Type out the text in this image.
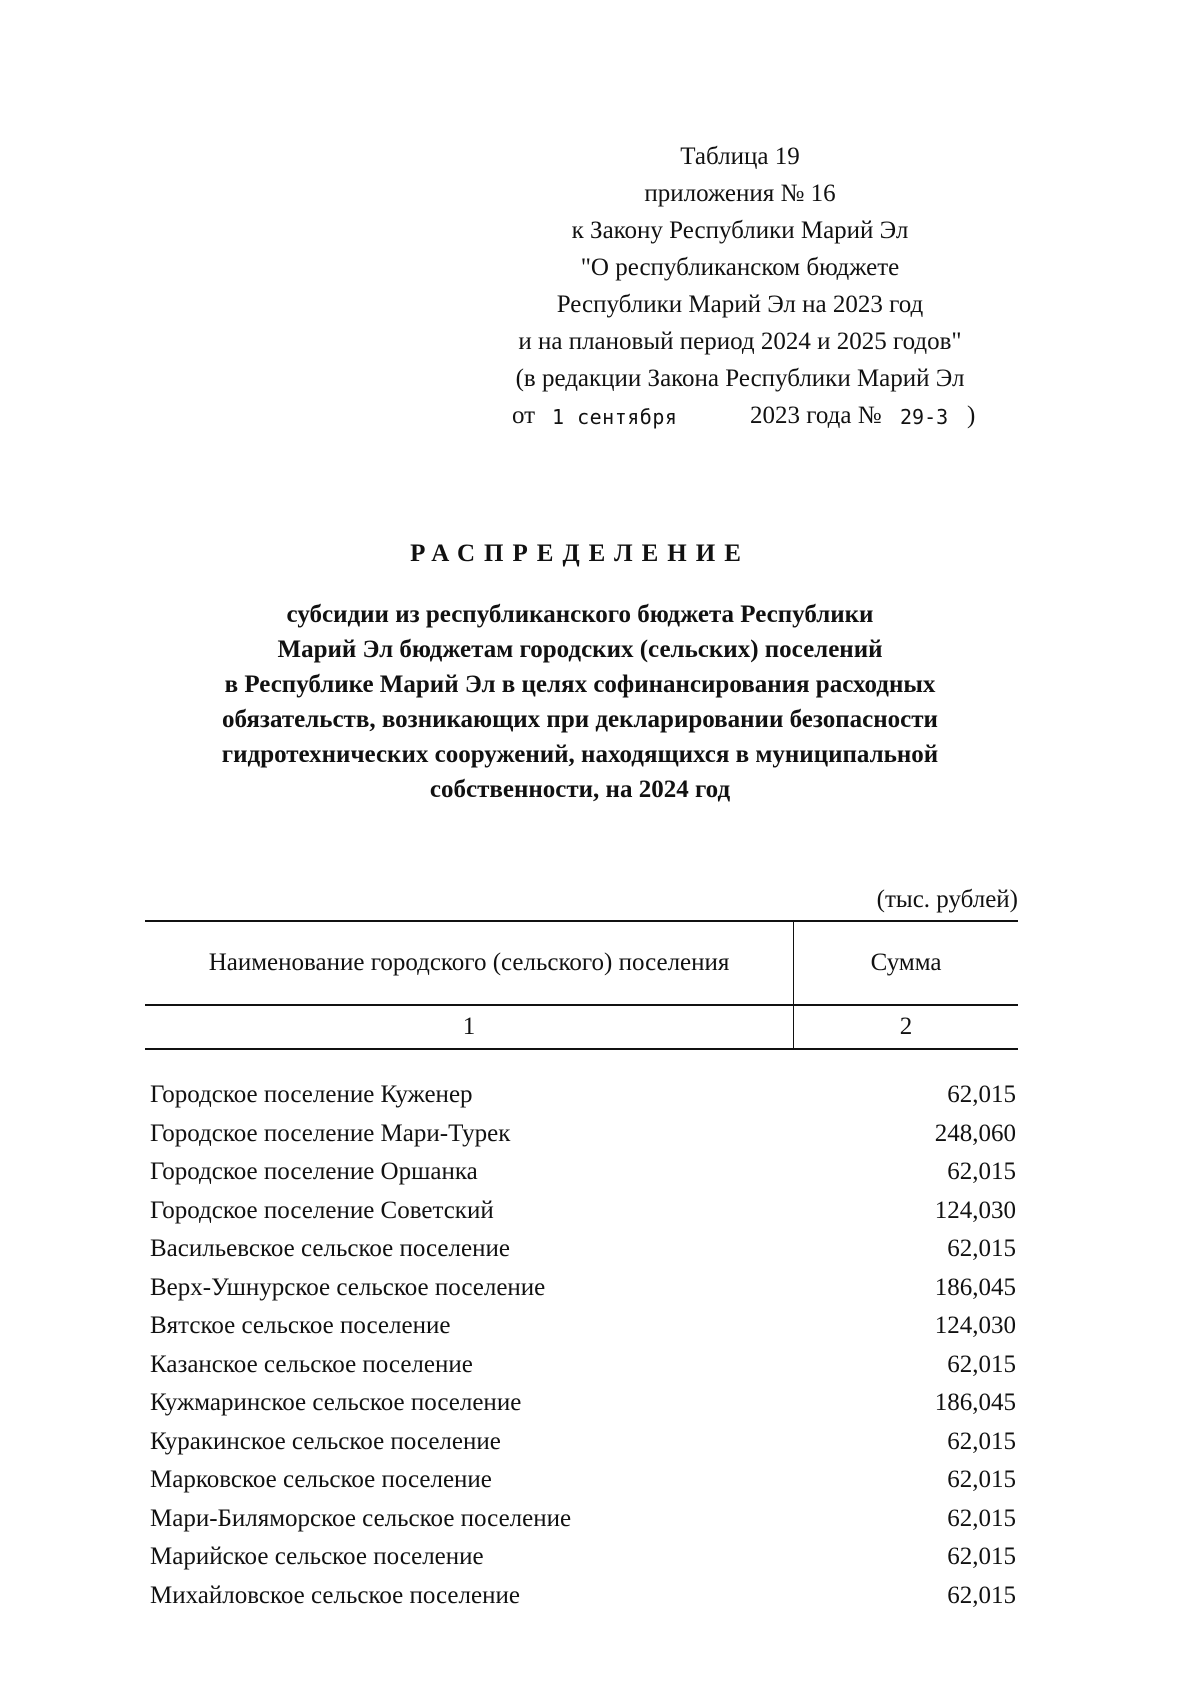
Таблица 19
приложения № 16
к Закону Республики Марий Эл
"О республиканском бюджете
Республики Марий Эл на 2023 год
и на плановый период 2024 и 2025 годов"
(в редакции Закона Республики Марий Эл
от 1 сентября	2023 года № 29-З )
РАСПРЕДЕЛЕНИЕ
субсидии из республиканского бюджета Республики
Марий Эл бюджетам городских (сельских) поселений
в Республике Марий Эл в целях софинансирования расходных
обязательств, возникающих при декларировании безопасности
гидротехнических сооружений, находящихся в муниципальной
собственности, на 2024 год
(тыс. рублей)
Наименование городского (сельского) поселения	Сумма
1	2

Городское поселение Куженер	62,015
Городское поселение Мари-Турек	248,060
Городское поселение Оршанка	62,015
Городское поселение Советский	124,030
Васильевское сельское поселение	62,015
Верх-Ушнурское сельское поселение	186,045
Вятское сельское поселение	124,030
Казанское сельское поселение	62,015
Кужмаринское сельское поселение	186,045
Куракинское сельское поселение	62,015
Марковское сельское поселение	62,015
Мари-Биляморское сельское поселение	62,015
Марийское сельское поселение	62,015
Михайловское сельское поселение	62,015
